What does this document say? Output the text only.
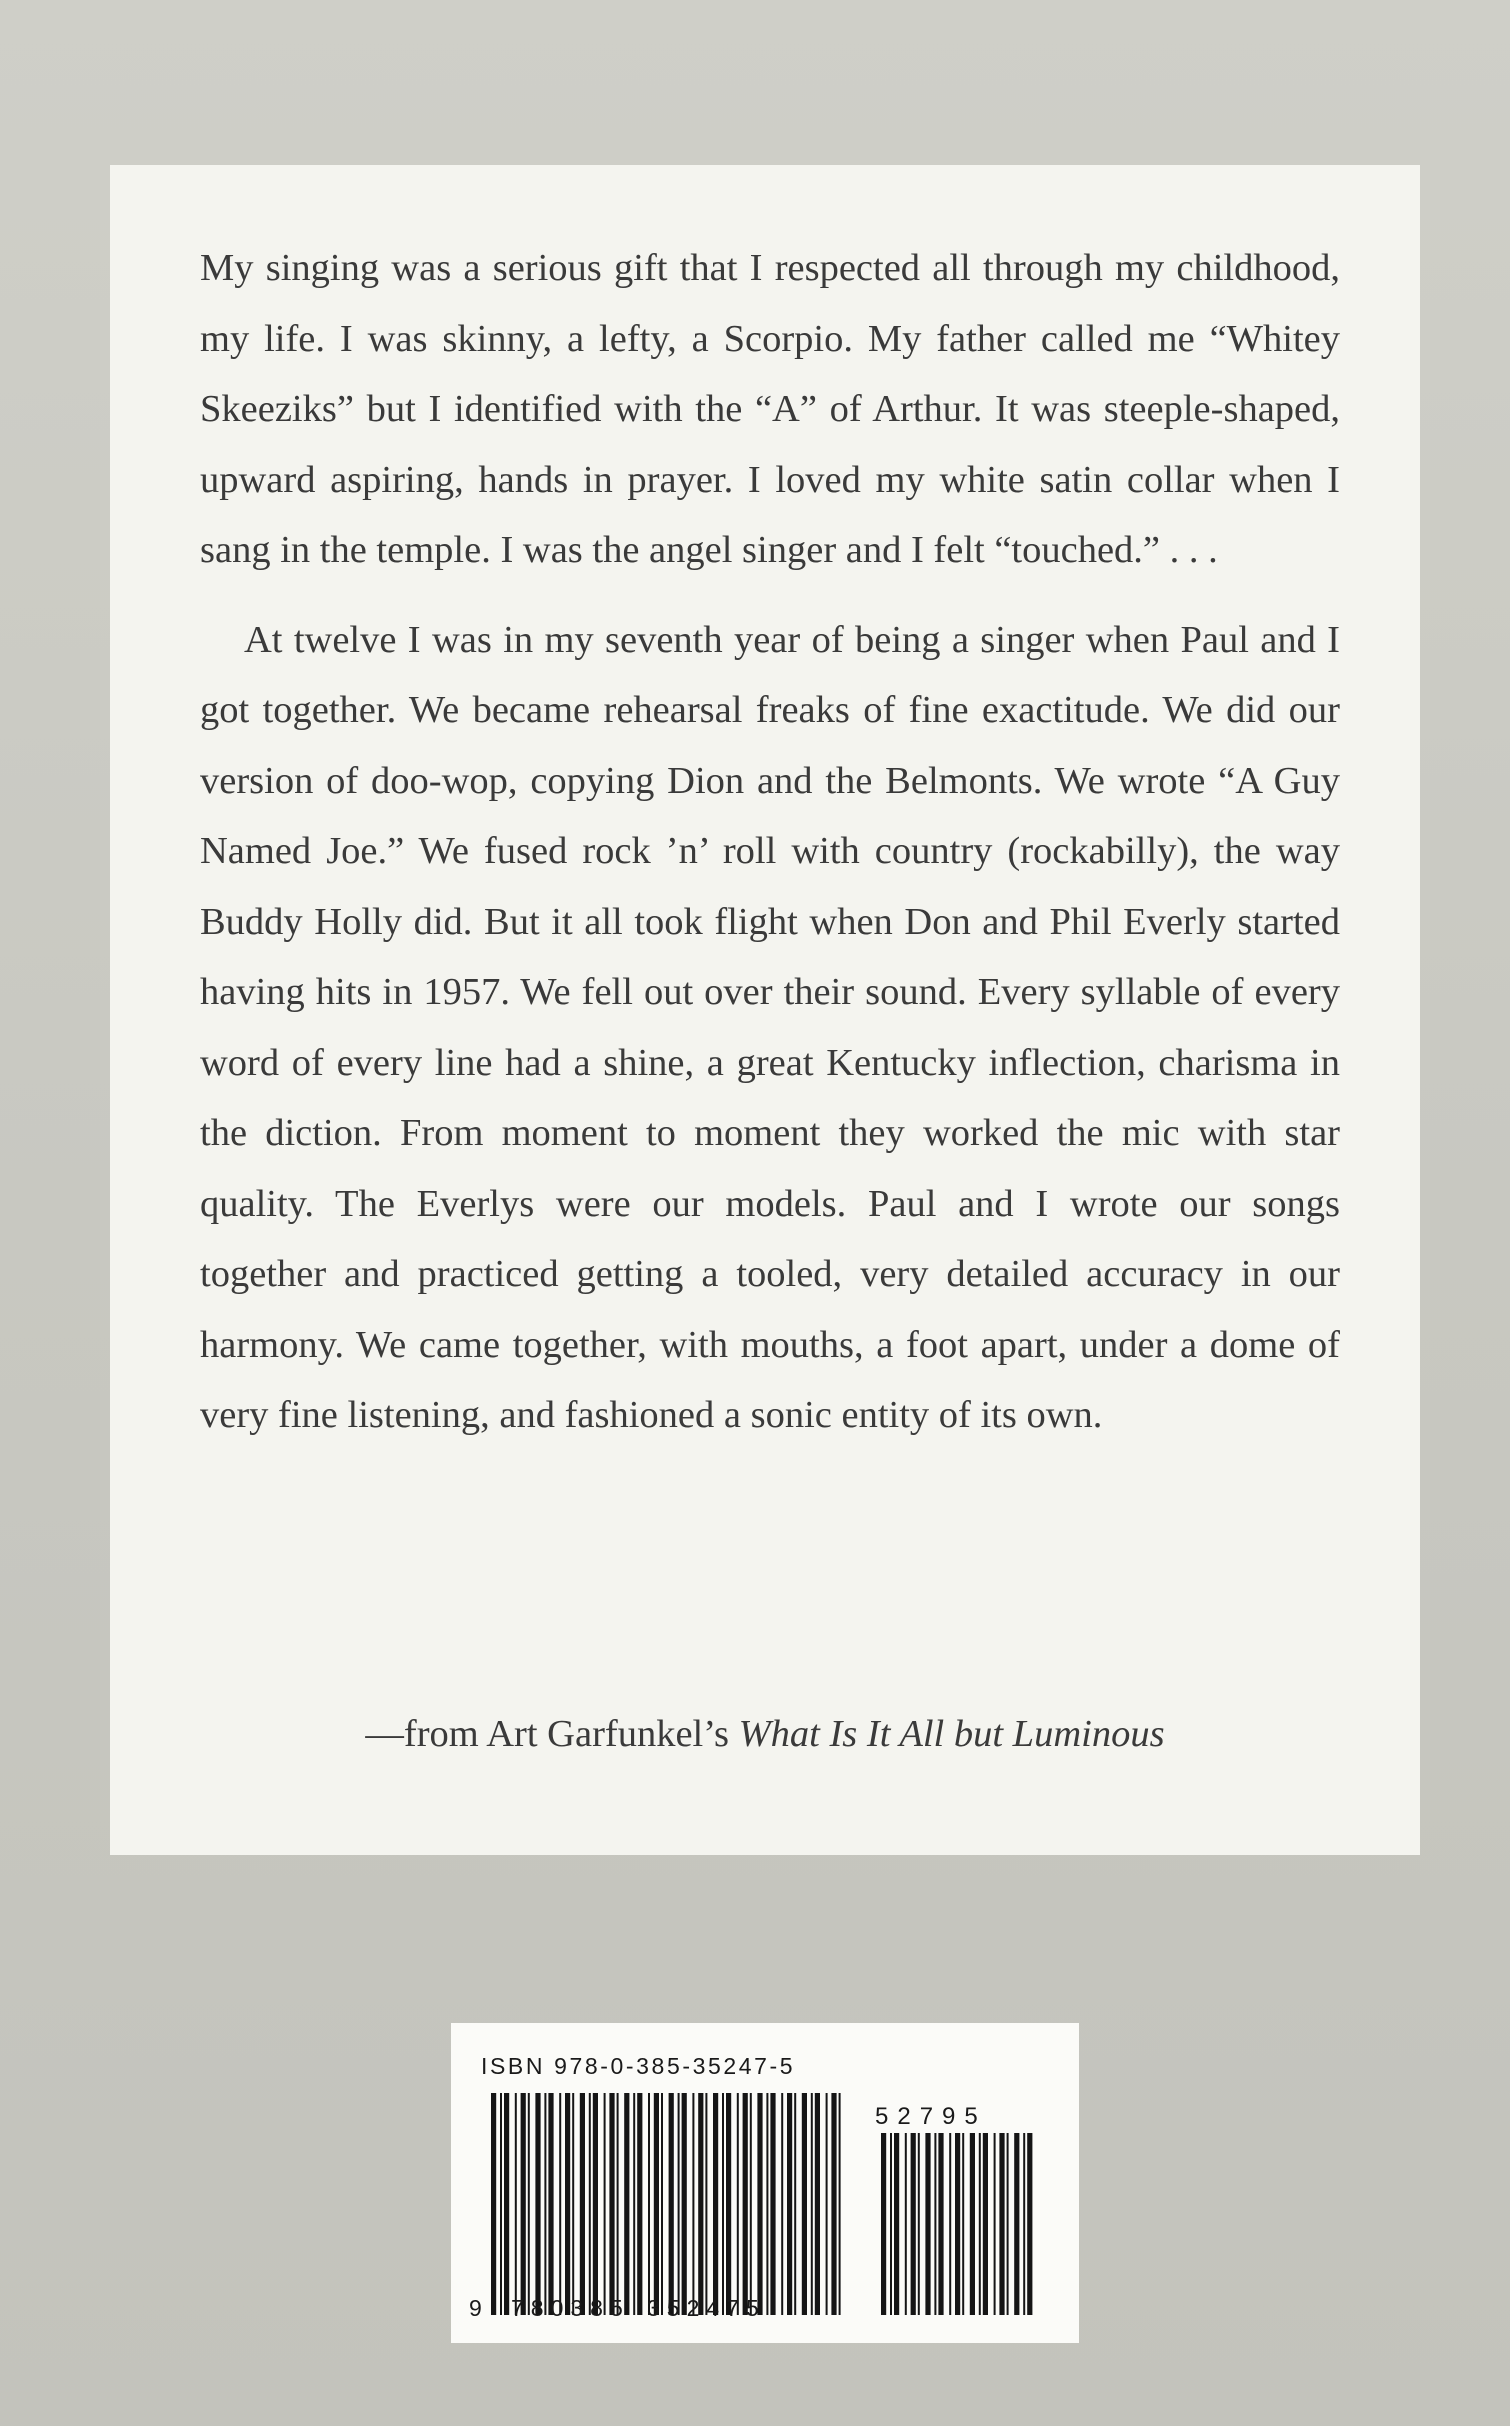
My singing was a serious gift that I respected all through my childhood, my life. I was skinny, a lefty, a Scorpio. My father called me “Whitey Skeeziks” but I identified with the “A” of Arthur. It was steeple-shaped, upward aspiring, hands in prayer. I loved my white satin collar when I sang in the temple. I was the angel singer and I felt “touched.” . . .

At twelve I was in my seventh year of being a singer when Paul and I got together. We became rehearsal freaks of fine exactitude. We did our version of doo-wop, copying Dion and the Belmonts. We wrote “A Guy Named Joe.” We fused rock ’n’ roll with country (rockabilly), the way Buddy Holly did. But it all took flight when Don and Phil Everly started having hits in 1957. We fell out over their sound. Every syllable of every word of every line had a shine, a great Kentucky inflection, charisma in the diction. From moment to moment they worked the mic with star quality. The Everlys were our models. Paul and I wrote our songs together and practiced getting a tooled, very detailed accuracy in our harmony. We came together, with mouths, a foot apart, under a dome of very fine listening, and fashioned a sonic entity of its own.

—from Art Garfunkel’s What Is It All but Luminous
ISBN 978-0-385-35247-5
52795
9 780385 352475
